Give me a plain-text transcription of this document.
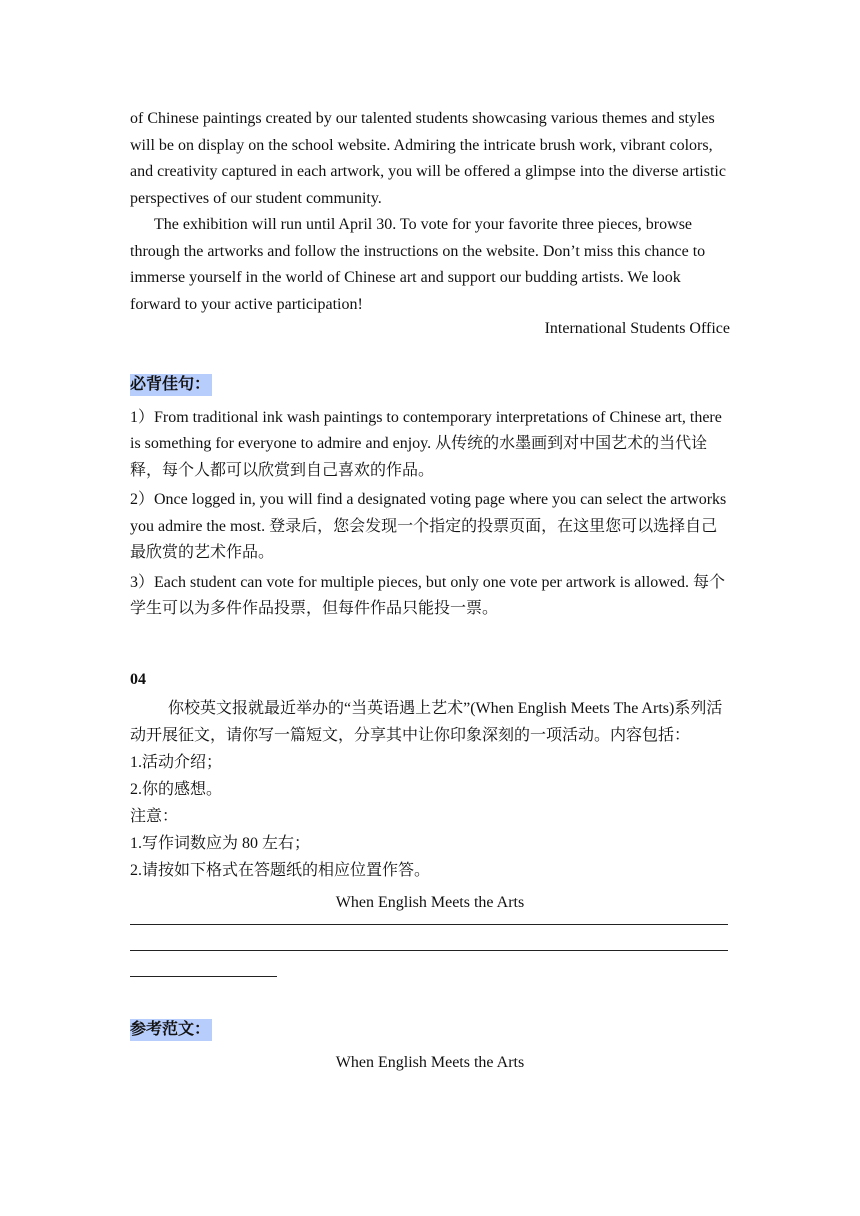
of Chinese paintings created by our talented students showcasing various themes and styles will be on display on the school website. Admiring the intricate brush work, vibrant colors, and creativity captured in each artwork, you will be offered a glimpse into the diverse artistic perspectives of our student community.

The exhibition will run until April 30. To vote for your favorite three pieces, browse through the artworks and follow the instructions on the website. Don’t miss this chance to immerse yourself in the world of Chinese art and support our budding artists. We look forward to your active participation!

International Students Office

必背佳句：

1）From traditional ink wash paintings to contemporary interpretations of Chinese art, there is something for everyone to admire and enjoy. 从传统的水墨画到对中国艺术的当代诠释，每个人都可以欣赏到自己喜欢的作品。

2）Once logged in, you will find a designated voting page where you can select the artworks you admire the most. 登录后，您会发现一个指定的投票页面，在这里您可以选择自己最欣赏的艺术作品。

3）Each student can vote for multiple pieces, but only one vote per artwork is allowed. 每个学生可以为多件作品投票，但每件作品只能投一票。

04

你校英文报就最近举办的“当英语遇上艺术”(When English Meets The Arts)系列活动开展征文，请你写一篇短文，分享其中让你印象深刻的一项活动。内容包括：

1.活动介绍；

2.你的感想。

注意：

1.写作词数应为 80 左右；

2.请按如下格式在答题纸的相应位置作答。

When English Meets the Arts

参考范文：

When English Meets the Arts
